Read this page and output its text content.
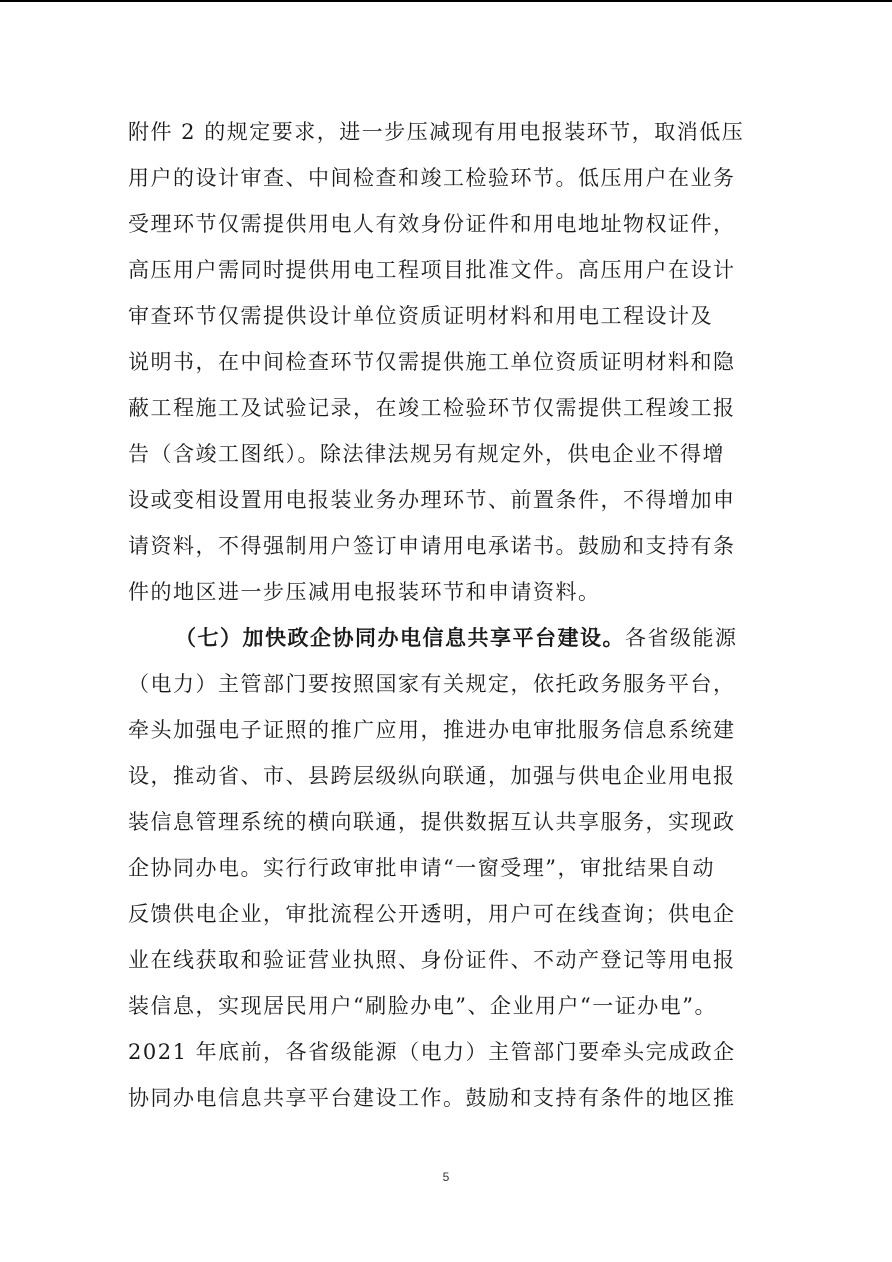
附件 2 的规定要求，进一步压减现有用电报装环节，取消低压
用户的设计审查、中间检查和竣工检验环节。低压用户在业务
受理环节仅需提供用电人有效身份证件和用电地址物权证件，
高压用户需同时提供用电工程项目批准文件。高压用户在设计
审查环节仅需提供设计单位资质证明材料和用电工程设计及
说明书，在中间检查环节仅需提供施工单位资质证明材料和隐
蔽工程施工及试验记录，在竣工检验环节仅需提供工程竣工报
告（含竣工图纸）。除法律法规另有规定外，供电企业不得增
设或变相设置用电报装业务办理环节、前置条件，不得增加申
请资料，不得强制用户签订申请用电承诺书。鼓励和支持有条
件的地区进一步压减用电报装环节和申请资料。
（七）加快政企协同办电信息共享平台建设。各省级能源
（电力）主管部门要按照国家有关规定，依托政务服务平台，
牵头加强电子证照的推广应用，推进办电审批服务信息系统建
设，推动省、市、县跨层级纵向联通，加强与供电企业用电报
装信息管理系统的横向联通，提供数据互认共享服务，实现政
企协同办电。实行行政审批申请“一窗受理”，审批结果自动
反馈供电企业，审批流程公开透明，用户可在线查询；供电企
业在线获取和验证营业执照、身份证件、不动产登记等用电报
装信息，实现居民用户“刷脸办电”、企业用户“一证办电”。
2021 年底前，各省级能源（电力）主管部门要牵头完成政企
协同办电信息共享平台建设工作。鼓励和支持有条件的地区推
5
